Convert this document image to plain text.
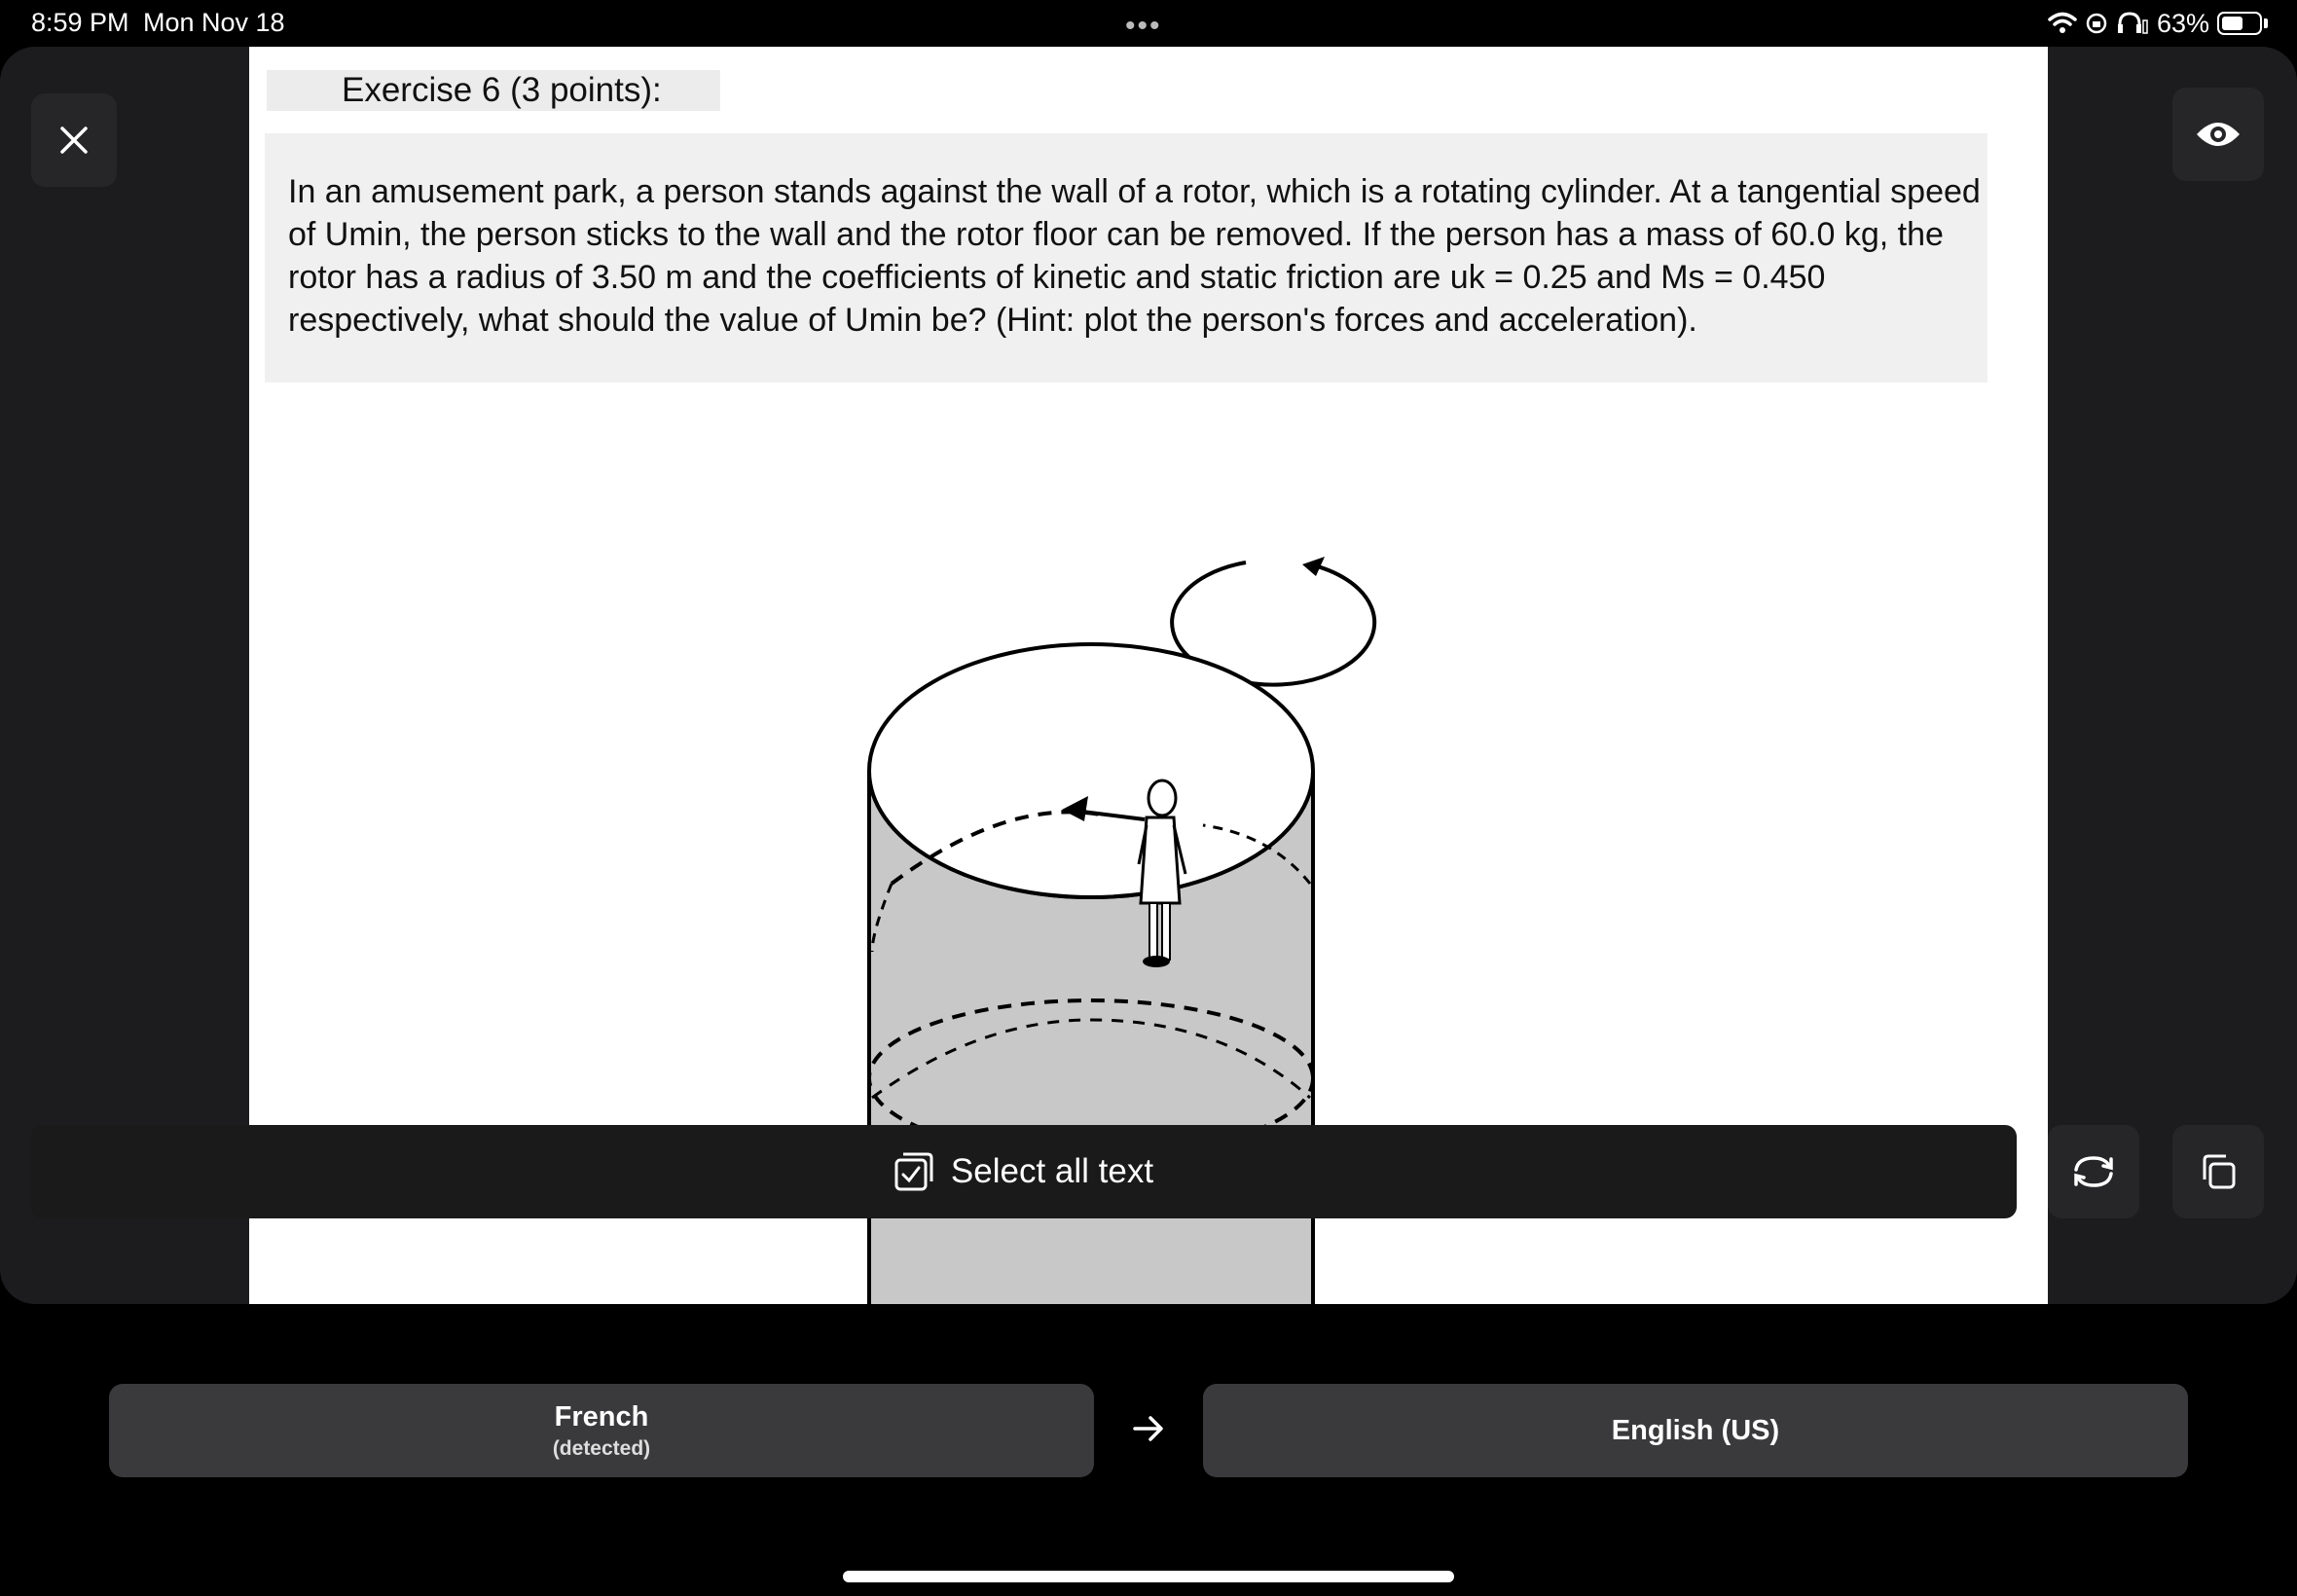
8:59 PM Mon Nov 18	•••	63%
Exercise 6 (3 points):

In an amusement park, a person stands against the wall of a rotor, which is a rotating cylinder. At a tangential speed of Umin, the person sticks to the wall and the rotor floor can be removed. If the person has a mass of 60.0 kg, the rotor has a radius of 3.50 m and the coefficients of kinetic and static friction are uk = 0.25 and Ms = 0.450 respectively, what should the value of Umin be? (Hint: plot the person's forces and acceleration).

Select all text
French
(detected)
English (US)
